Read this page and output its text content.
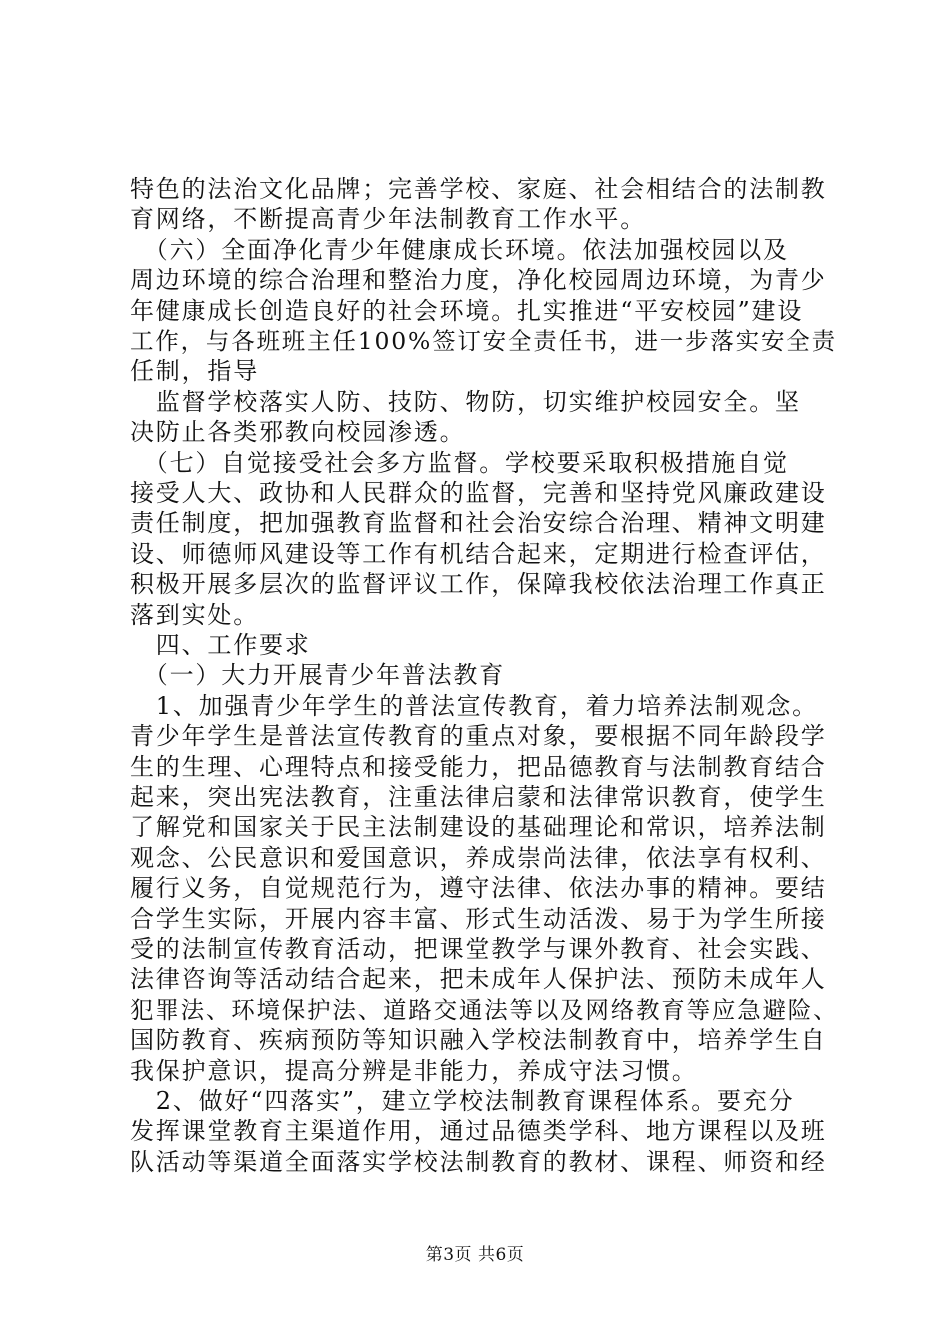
特色的法治文化品牌；完善学校、家庭、社会相结合的法制教
育网络，不断提高青少年法制教育工作水平。
　（六）全面净化青少年健康成长环境。依法加强校园以及
周边环境的综合治理和整治力度，净化校园周边环境，为青少
年健康成长创造良好的社会环境。扎实推进“平安校园”建设
工作，与各班班主任100%签订安全责任书，进一步落实安全责
任制，指导
　监督学校落实人防、技防、物防，切实维护校园安全。坚
决防止各类邪教向校园渗透。
　（七）自觉接受社会多方监督。学校要采取积极措施自觉
接受人大、政协和人民群众的监督，完善和坚持党风廉政建设
责任制度，把加强教育监督和社会治安综合治理、精神文明建
设、师德师风建设等工作有机结合起来，定期进行检查评估，
积极开展多层次的监督评议工作，保障我校依法治理工作真正
落到实处。
　四、工作要求
　（一）大力开展青少年普法教育
　1、加强青少年学生的普法宣传教育，着力培养法制观念。
青少年学生是普法宣传教育的重点对象，要根据不同年龄段学
生的生理、心理特点和接受能力，把品德教育与法制教育结合
起来，突出宪法教育，注重法律启蒙和法律常识教育，使学生
了解党和国家关于民主法制建设的基础理论和常识，培养法制
观念、公民意识和爱国意识，养成崇尚法律，依法享有权利、
履行义务，自觉规范行为，遵守法律、依法办事的精神。要结
合学生实际，开展内容丰富、形式生动活泼、易于为学生所接
受的法制宣传教育活动，把课堂教学与课外教育、社会实践、
法律咨询等活动结合起来，把未成年人保护法、预防未成年人
犯罪法、环境保护法、道路交通法等以及网络教育等应急避险、
国防教育、疾病预防等知识融入学校法制教育中，培养学生自
我保护意识，提高分辨是非能力，养成守法习惯。
　2、做好“四落实”，建立学校法制教育课程体系。要充分
发挥课堂教育主渠道作用，通过品德类学科、地方课程以及班
队活动等渠道全面落实学校法制教育的教材、课程、师资和经
第3页 共6页
